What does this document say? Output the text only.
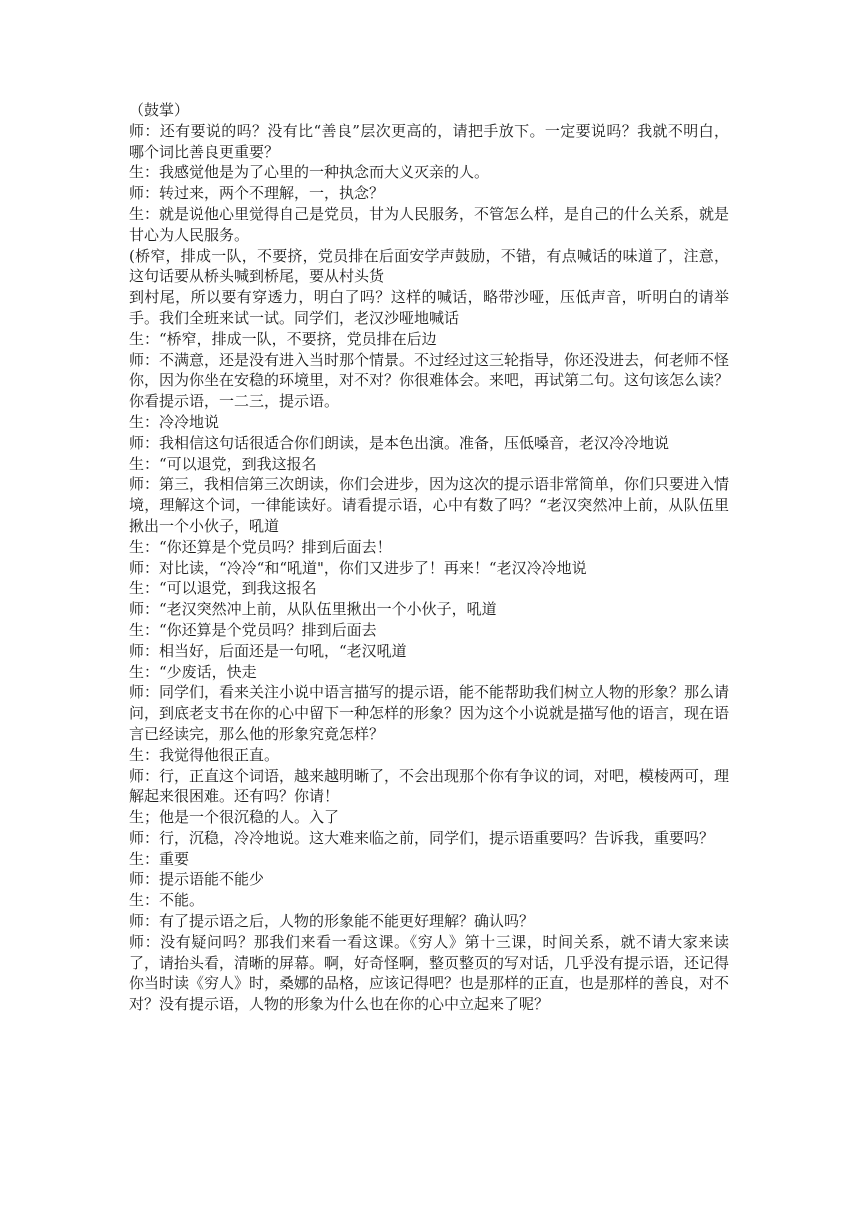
（鼓掌）

师：还有要说的吗？没有比“善良”层次更高的，请把手放下。一定要说吗？我就不明白，哪个词比善良更重要？

生：我感觉他是为了心里的一种执念而大义灭亲的人。

师：转过来，两个不理解，一，执念？

生：就是说他心里觉得自己是党员，甘为人民服务，不管怎么样，是自己的什么关系，就是甘心为人民服务。

(桥窄，排成一队，不要挤，党员排在后面安学声鼓励，不错，有点喊话的味道了，注意，这句话要从桥头喊到桥尾，要从村头货

到村尾，所以要有穿透力，明白了吗？这样的喊话，略带沙哑，压低声音，听明白的请举手。我们全班来试一试。同学们，老汉沙哑地喊话

生：“桥窄，排成一队，不要挤，党员排在后边

师：不满意，还是没有进入当时那个情景。不过经过这三轮指导，你还没进去，何老师不怪你，因为你坐在安稳的环境里，对不对？你很难体会。来吧，再试第二句。这句该怎么读？你看提示语，一二三，提示语。

生：冷冷地说

师：我相信这句话很适合你们朗读，是本色出演。准备，压低嗓音，老汉冷冷地说

生：“可以退党，到我这报名

师：第三，我相信第三次朗读，你们会进步，因为这次的提示语非常简单，你们只要进入情境，理解这个词，一律能读好。请看提示语，心中有数了吗？“老汉突然冲上前，从队伍里揪出一个小伙子，吼道

生：“你还算是个党员吗？排到后面去！

师：对比读，“冷冷“和“吼道"，你们又进步了！再来！“老汉冷冷地说

生：“可以退党，到我这报名

师：“老汉突然冲上前，从队伍里揪出一个小伙子，吼道

生：“你还算是个党员吗？排到后面去

师：相当好，后面还是一句吼，“老汉吼道

生：“少废话，快走

师：同学们，看来关注小说中语言描写的提示语，能不能帮助我们树立人物的形象？那么请问，到底老支书在你的心中留下一种怎样的形象？因为这个小说就是描写他的语言，现在语言已经读完，那么他的形象究竟怎样？

生：我觉得他很正直。

师：行，正直这个词语，越来越明晰了，不会出现那个你有争议的词，对吧，模棱两可，理解起来很困难。还有吗？你请！

生；他是一个很沉稳的人。入了

师：行，沉稳，冷冷地说。这大难来临之前，同学们，提示语重要吗？告诉我，重要吗？

生：重要

师：提示语能不能少

生：不能。

师：有了提示语之后，人物的形象能不能更好理解？确认吗？

师：没有疑问吗？那我们来看一看这课。《穷人》第十三课，时间关系，就不请大家来读了，请抬头看，清晰的屏幕。啊，好奇怪啊，整页整页的写对话，几乎没有提示语，还记得你当时读《穷人》时，桑娜的品格，应该记得吧？也是那样的正直，也是那样的善良，对不对？没有提示语，人物的形象为什么也在你的心中立起来了呢？
